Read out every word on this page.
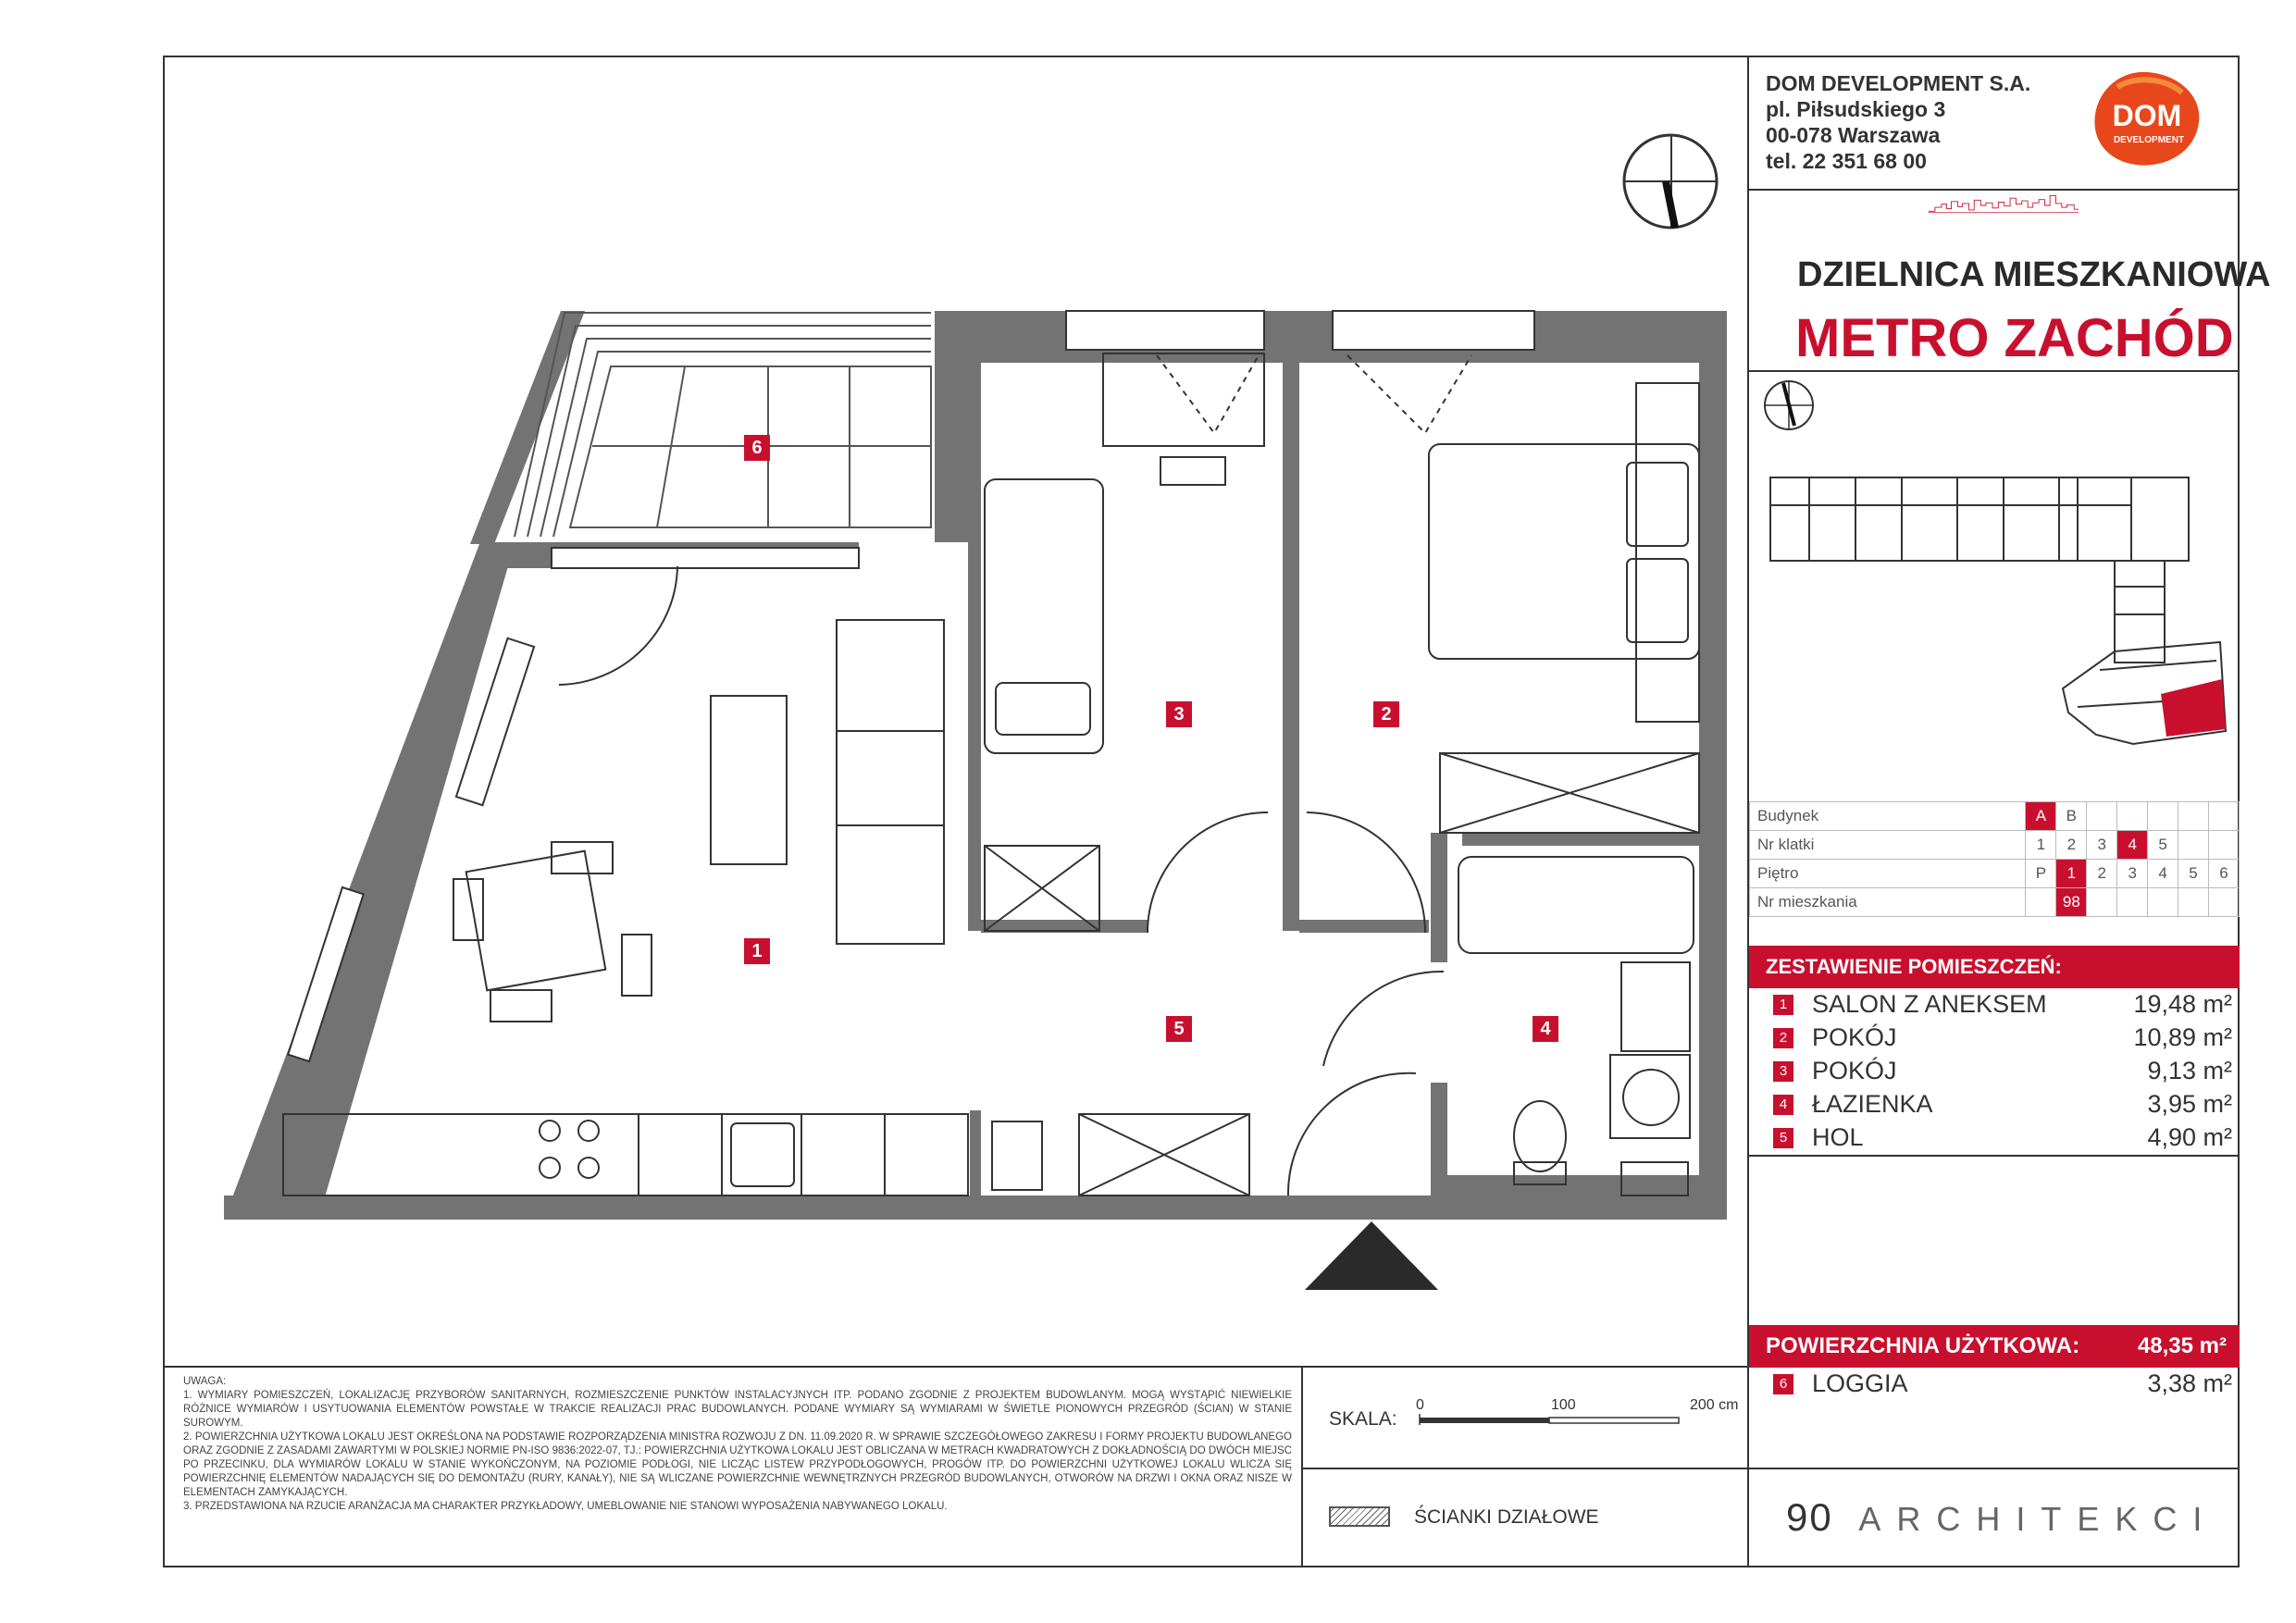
DOM DEVELOPMENT S.A.
pl. Piłsudskiego 3
00-078 Warszawa
tel. 22 351 68 00
DOM
DEVELOPMENT
DZIELNICA MIESZKANIOWA
METRO ZACHÓD
Budynek	A	B					
Nr klatki	1	2	3	4	5		
Piętro	P	1	2	3	4	5	6
Nr mieszkania		98					
ZESTAWIENIE POMIESZCZEŃ:
1 SALON Z ANEKSEM	19,48 m²
2 POKÓJ	10,89 m²
3 POKÓJ	9,13 m²
4 ŁAZIENKA	3,95 m²
5 HOL	4,90 m²
POWIERZCHNIA UŻYTKOWA:	48,35 m²
6 LOGGIA	3,38 m²

UWAGA:

1. WYMIARY POMIESZCZEŃ, LOKALIZACJĘ PRZYBORÓW SANITARNYCH, ROZMIESZCZENIE PUNKTÓW INSTALACYJNYCH ITP. PODANO ZGODNIE Z PROJEKTEM BUDOWLANYM. MOGĄ WYSTĄPIĆ NIEWIELKIE RÓŻNICE WYMIARÓW I USYTUOWANIA ELEMENTÓW POWSTAŁE W TRAKCIE REALIZACJI PRAC BUDOWLANYCH. PODANE WYMIARY SĄ WYMIARAMI W ŚWIETLE PIONOWYCH PRZEGRÓD (ŚCIAN) W STANIE SUROWYM.

2. POWIERZCHNIA UŻYTKOWA LOKALU JEST OKREŚLONA NA PODSTAWIE ROZPORZĄDZENIA MINISTRA ROZWOJU Z DN. 11.09.2020 R. W SPRAWIE SZCZEGÓŁOWEGO ZAKRESU I FORMY PROJEKTU BUDOWLANEGO ORAZ ZGODNIE Z ZASADAMI ZAWARTYMI W POLSKIEJ NORMIE PN-ISO 9836:2022-07, TJ.: POWIERZCHNIA UŻYTKOWA LOKALU JEST OBLICZANA W METRACH KWADRATOWYCH Z DOKŁADNOŚCIĄ DO DWÓCH MIEJSC PO PRZECINKU, DLA WYMIARÓW LOKALU W STANIE WYKOŃCZONYM, NA POZIOMIE PODŁOGI, NIE LICZĄC LISTEW PRZYPODŁOGOWYCH, PROGÓW ITP. DO POWIERZCHNI UŻYTKOWEJ LOKALU WLICZA SIĘ POWIERZCHNIĘ ELEMENTÓW NADAJĄCYCH SIĘ DO DEMONTAŻU (RURY, KANAŁY), NIE SĄ WLICZANE POWIERZCHNIE WEWNĘTRZNYCH PRZEGRÓD BUDOWLANYCH, OTWORÓW NA DRZWI I OKNA ORAZ NISZE W ELEMENTACH ZAMYKAJĄCYCH.

3. PRZEDSTAWIONA NA RZUCIE ARANŻACJA MA CHARAKTER PRZYKŁADOWY, UMEBLOWANIE NIE STANOWI WYPOSAŻENIA NABYWANEGO LOKALU.

SKALA:
0	100	200 cm
ŚCIANKI DZIAŁOWE	90 ARCHITEKCI
1
2
3
4
5
6
